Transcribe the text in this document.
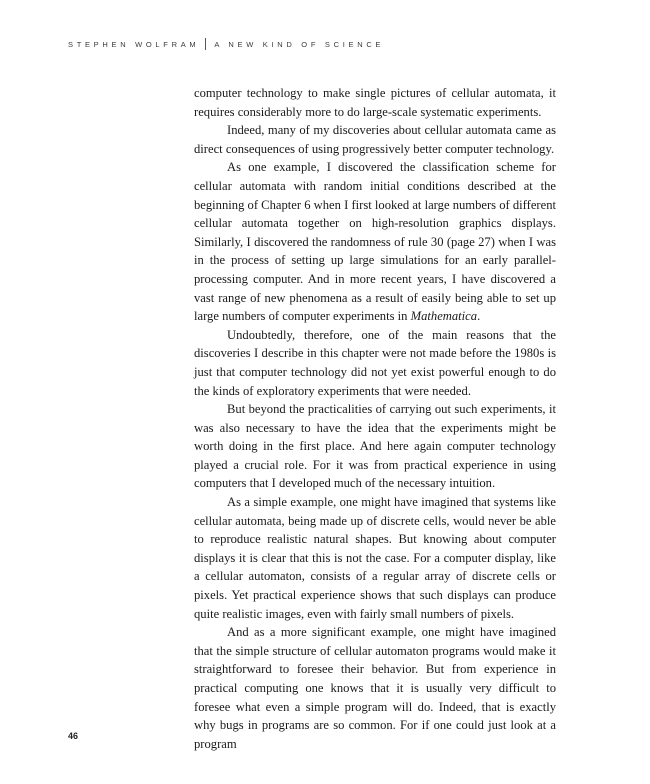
STEPHEN WOLFRAM A NEW KIND OF SCIENCE

computer technology to make single pictures of cellular automata, it requires considerably more to do large-scale systematic experiments.

Indeed, many of my discoveries about cellular automata came as direct consequences of using progressively better computer technology.

As one example, I discovered the classification scheme for cellular automata with random initial conditions described at the beginning of Chapter 6 when I first looked at large numbers of different cellular automata together on high-resolution graphics displays. Similarly, I discovered the randomness of rule 30 (page 27) when I was in the process of setting up large simulations for an early parallel-processing computer. And in more recent years, I have discovered a vast range of new phenomena as a result of easily being able to set up large numbers of computer experiments in Mathematica.

Undoubtedly, therefore, one of the main reasons that the discoveries I describe in this chapter were not made before the 1980s is just that computer technology did not yet exist powerful enough to do the kinds of exploratory experiments that were needed.

But beyond the practicalities of carrying out such experiments, it was also necessary to have the idea that the experiments might be worth doing in the first place. And here again computer technology played a crucial role. For it was from practical experience in using computers that I developed much of the necessary intuition.

As a simple example, one might have imagined that systems like cellular automata, being made up of discrete cells, would never be able to reproduce realistic natural shapes. But knowing about computer displays it is clear that this is not the case. For a computer display, like a cellular automaton, consists of a regular array of discrete cells or pixels. Yet practical experience shows that such displays can produce quite realistic images, even with fairly small numbers of pixels.

And as a more significant example, one might have imagined that the simple structure of cellular automaton programs would make it straightforward to foresee their behavior. But from experience in practical computing one knows that it is usually very difficult to foresee what even a simple program will do. Indeed, that is exactly why bugs in programs are so common. For if one could just look at a program

46
